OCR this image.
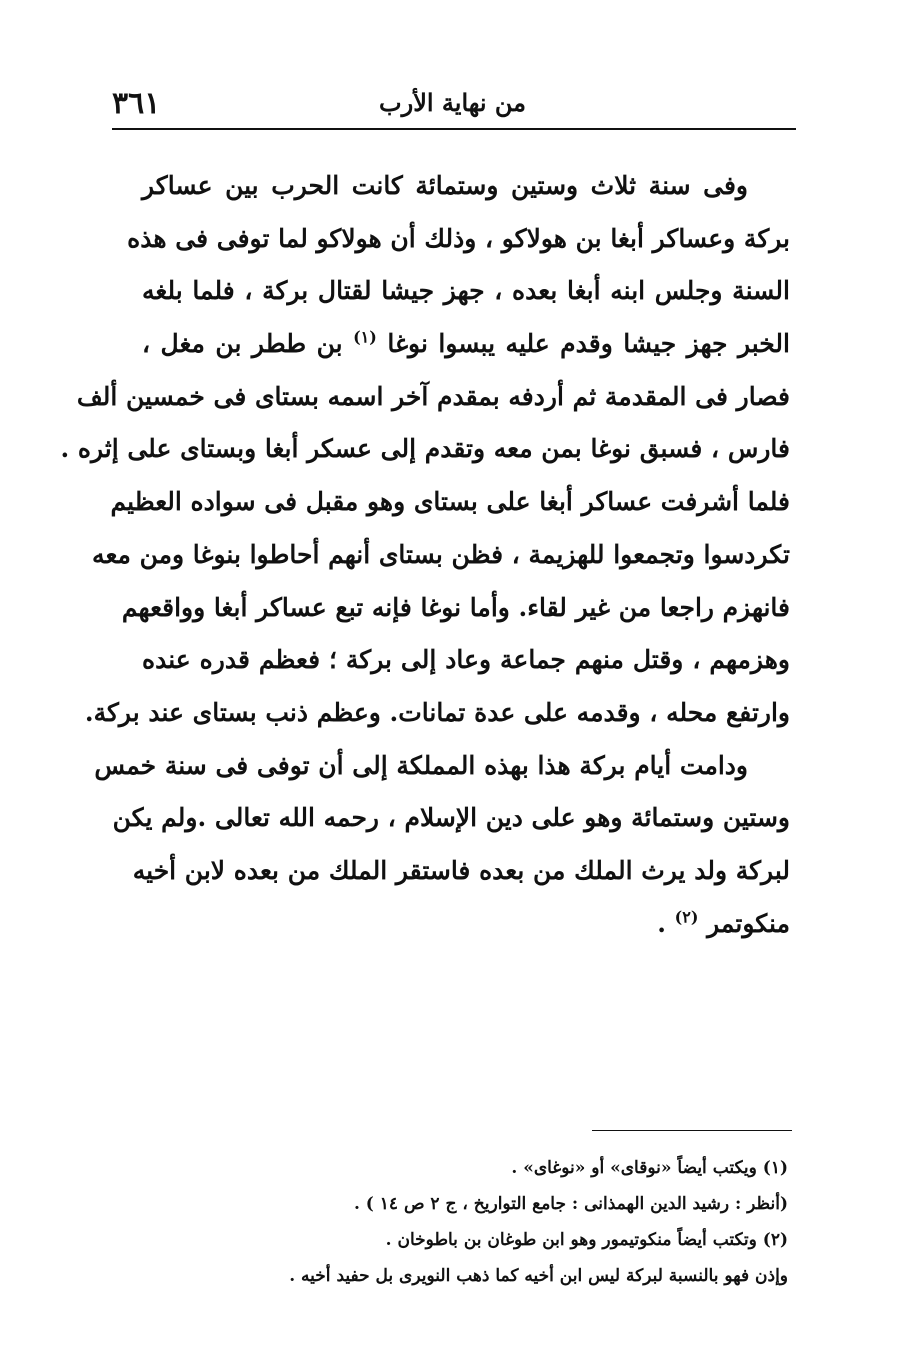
٣٦١	من نهاية الأرب

وفى سنة ثلاث وستين وستمائة كانت الحرب بين عساكر
بركة وعساكر أبغا بن هولاكو ، وذلك أن هولاكو لما توفى فى هذه
السنة وجلس ابنه أبغا بعده ، جهز جيشا لقتال بركة ، فلما بلغه
الخبر جهز جيشا وقدم عليه يبسوا نوغا $^{(١)}$ بن ططر بن مغل ،
فصار فى المقدمة ثم أردفه بمقدم آخر اسمه بستاى فى خمسين ألف
فارس ، فسبق نوغا بمن معه وتقدم إلى عسكر أبغا وبستاى على إثره .
فلما أشرفت عساكر أبغا على بستاى وهو مقبل فى سواده العظيم
تكردسوا وتجمعوا للهزيمة ، فظن بستاى أنهم أحاطوا بنوغا ومن معه
فانهزم راجعا من غير لقاء. وأما نوغا فإنه تبع عساكر أبغا وواقعهم
وهزمهم ، وقتل منهم جماعة وعاد إلى بركة ؛ فعظم قدره عنده
وارتفع محله ، وقدمه على عدة تمانات. وعظم ذنب بستاى عند بركة.

ودامت أيام بركة هذا بهذه المملكة إلى أن توفى فى سنة خمس
وستين وستمائة وهو على دين الإسلام ، رحمه الله تعالى .ولم يكن
لبركة ولد يرث الملك من بعده فاستقر الملك من بعده لابن أخيه
منكوتمر $^{(٢)}$ .

(١) ويكتب أيضاً «نوقاى» أو «نوغاى» .
(أنظر : رشيد الدين الهمذانى : جامع التواريخ ، ج ٢ ص ١٤ ) .
(٢) وتكتب أيضاً منكوتيمور وهو ابن طوغان بن باطوخان .
وإذن فهو بالنسبة لبركة ليس ابن أخيه كما ذهب النويرى بل حفيد أخيه .
